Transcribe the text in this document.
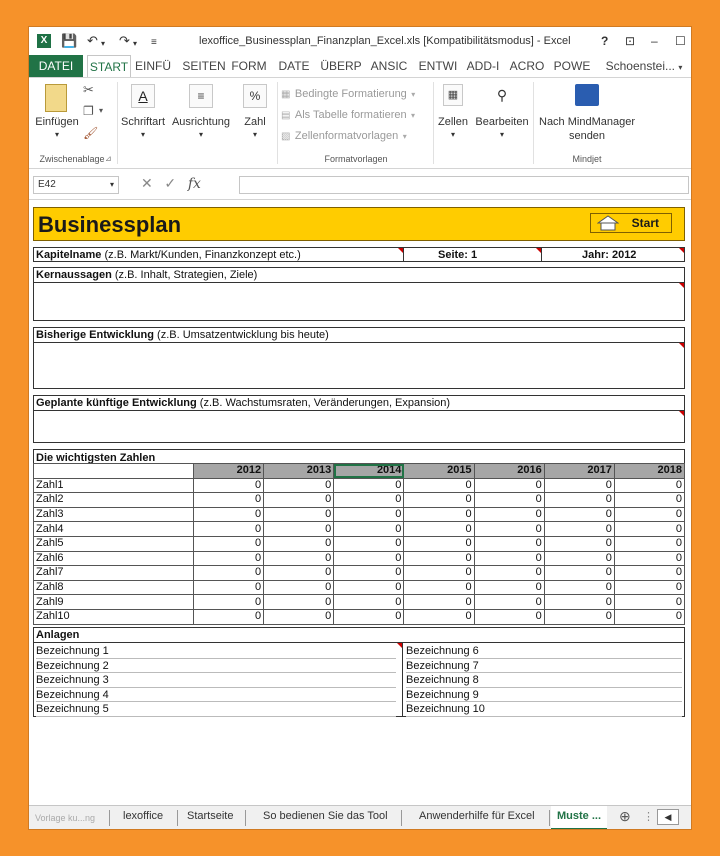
X 💾 ↶ ▾ ↷ ▾ ≡	lexoffice_Businessplan_Finanzplan_Excel.xls [Kompatibilitätsmodus] - Excel	? ⊡ – ☐
DATEI	START EINFÜ SEITEN FORM DATE ÜBERP ANSIC ENTWI ADD-I ACRO POWE Schoenstei... ▾
Einfügen
▾
✂
❐ ▾
🖌
Zwischenablage ⊿
A
Schriftart
▾
≡
Ausrichtung
▾
%
Zahl
▾
▦ Bedingte Formatierung ▾
▤ Als Tabelle formatieren ▾
▧ Zellenformatvorlagen ▾
Formatvorlagen
▦
Zellen
▾
⚲
Bearbeiten
▾
Nach MindManager
senden
Mindjet
E42	▾ ✕ ✓ fx
Businessplan	Start
Kapitelname (z.B. Markt/Kunden, Finanzkonzept etc.)	Seite: 1	Jahr: 2012
Kernaussagen (z.B. Inhalt, Strategien, Ziele)
Bisherige Entwicklung (z.B. Umsatzentwicklung bis heute)
Geplante künftige Entwicklung (z.B. Wachstumsraten, Veränderungen, Expansion)
Die wichtigsten Zahlen
	2012	2013	2014	2015	2016	2017	2018
Zahl1	0	0	0	0	0	0	0
Zahl2	0	0	0	0	0	0	0
Zahl3	0	0	0	0	0	0	0
Zahl4	0	0	0	0	0	0	0
Zahl5	0	0	0	0	0	0	0
Zahl6	0	0	0	0	0	0	0
Zahl7	0	0	0	0	0	0	0
Zahl8	0	0	0	0	0	0	0
Zahl9	0	0	0	0	0	0	0
Zahl10	0	0	0	0	0	0	0
Anlagen
Bezeichnung 1
Bezeichnung 2
Bezeichnung 3
Bezeichnung 4
Bezeichnung 5
Bezeichnung 6
Bezeichnung 7
Bezeichnung 8
Bezeichnung 9
Bezeichnung 10
Vorlage ku...ng	lexoffice Startseite	So bedienen Sie das Tool	Anwenderhilfe für Excel	Muste ...	⊕ ⋮	◀
